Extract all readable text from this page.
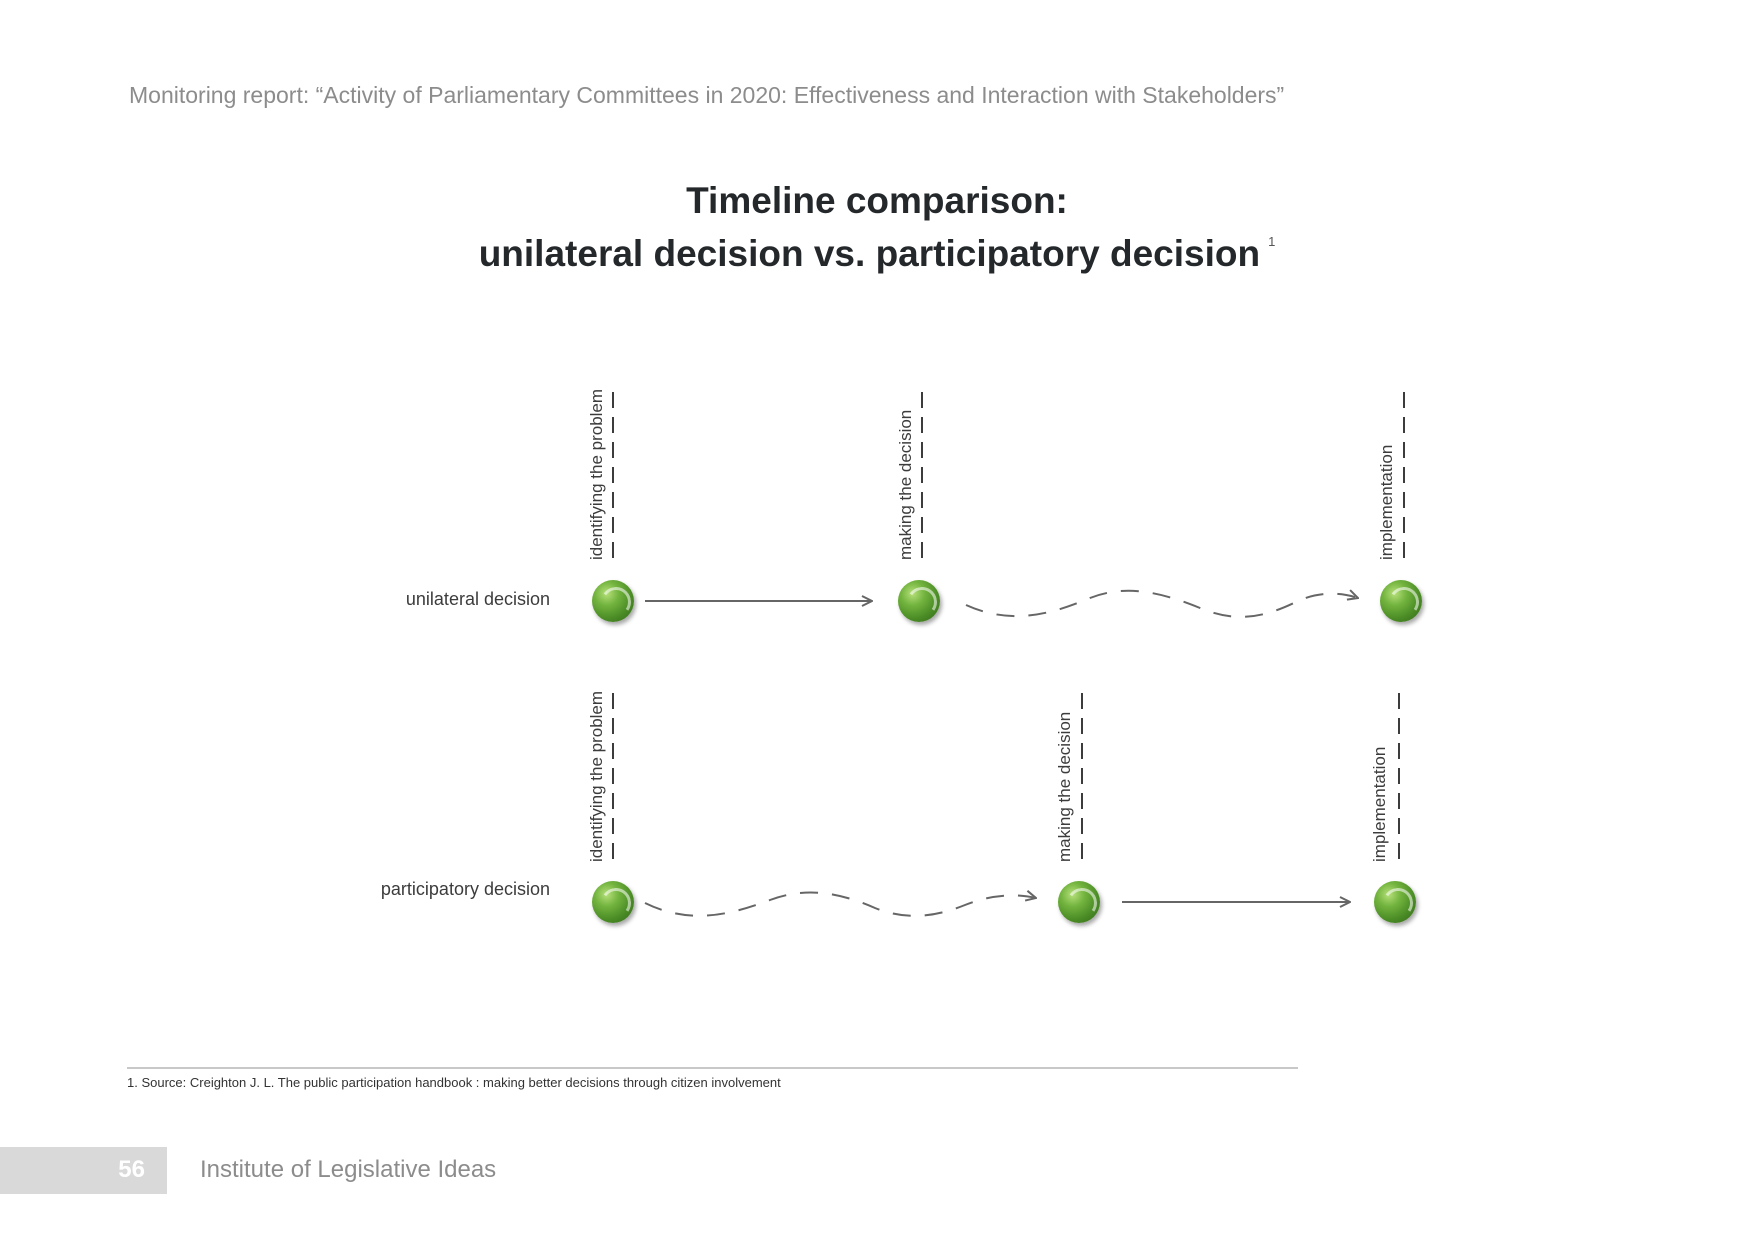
Monitoring report: “Activity of Parliamentary Committees in 2020: Effectiveness and Interaction with Stakeholders”
Timeline comparison:
unilateral decision vs. participatory decision $^1$
unilateral decision
participatory decision
identifying the problem	making the decision	implementation
identifying the problem	making the decision	implementation
1. Source: Creighton J. L. The public participation handbook : making better decisions through citizen involvement
56 Institute of Legislative Ideas
